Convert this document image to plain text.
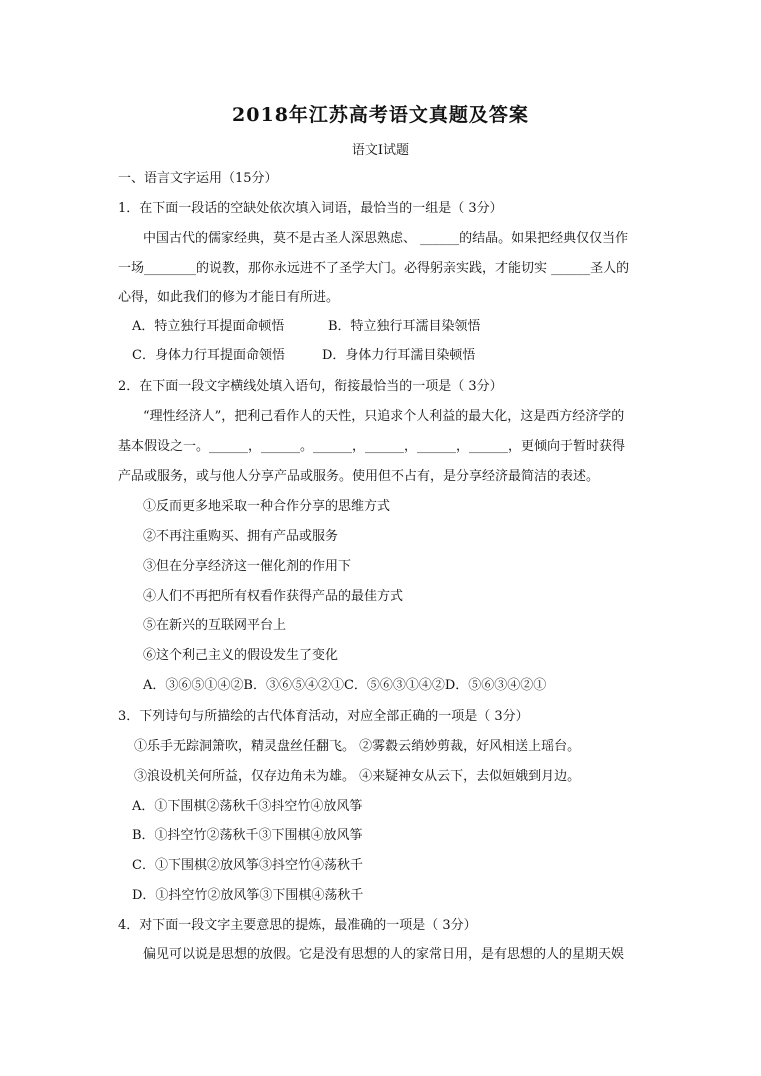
2018年江苏高考语文真题及答案
语文Ⅰ试题
一、语言文字运用（15分）
1．在下面一段话的空缺处依次填入词语，最恰当的一组是（ 3分）
中国古代的儒家经典，莫不是古圣人深思熟虑、 ______的结晶。如果把经典仅仅当作
一场________的说教，那你永远进不了圣学大门。必得躬亲实践，才能切实 ______圣人的
心得，如此我们的修为才能日有所进。
A．特立独行耳提面命顿悟	B．特立独行耳濡目染领悟
C．身体力行耳提面命领悟	D．身体力行耳濡目染顿悟
2．在下面一段文字横线处填入语句，衔接最恰当的一项是（ 3分）
“理性经济人”，把利己看作人的天性，只追求个人利益的最大化，这是西方经济学的
基本假设之一。______，______。______，______，______，______，更倾向于暂时获得
产品或服务，或与他人分享产品或服务。使用但不占有，是分享经济最简洁的表述。
①反而更多地采取一种合作分享的思维方式
②不再注重购买、拥有产品或服务
③但在分享经济这一催化剂的作用下
④人们不再把所有权看作获得产品的最佳方式
⑤在新兴的互联网平台上
⑥这个利己主义的假设发生了变化
A．③⑥⑤①④②B．③⑥⑤④②①C．⑤⑥③①④②D．⑤⑥③④②①
3．下列诗句与所描绘的古代体育活动，对应全部正确的一项是（ 3分）
①乐手无踪洞箫吹，精灵盘丝任翻飞。 ②雾縠云绡妙剪裁，好风相送上瑶台。
③浪设机关何所益，仅存边角未为雄。 ④来疑神女从云下，去似姮娥到月边。
A．①下围棋②荡秋千③抖空竹④放风筝
B．①抖空竹②荡秋千③下围棋④放风筝
C．①下围棋②放风筝③抖空竹④荡秋千
D．①抖空竹②放风筝③下围棋④荡秋千
4．对下面一段文字主要意思的提炼，最准确的一项是（ 3分）
偏见可以说是思想的放假。它是没有思想的人的家常日用，是有思想的人的星期天娱
